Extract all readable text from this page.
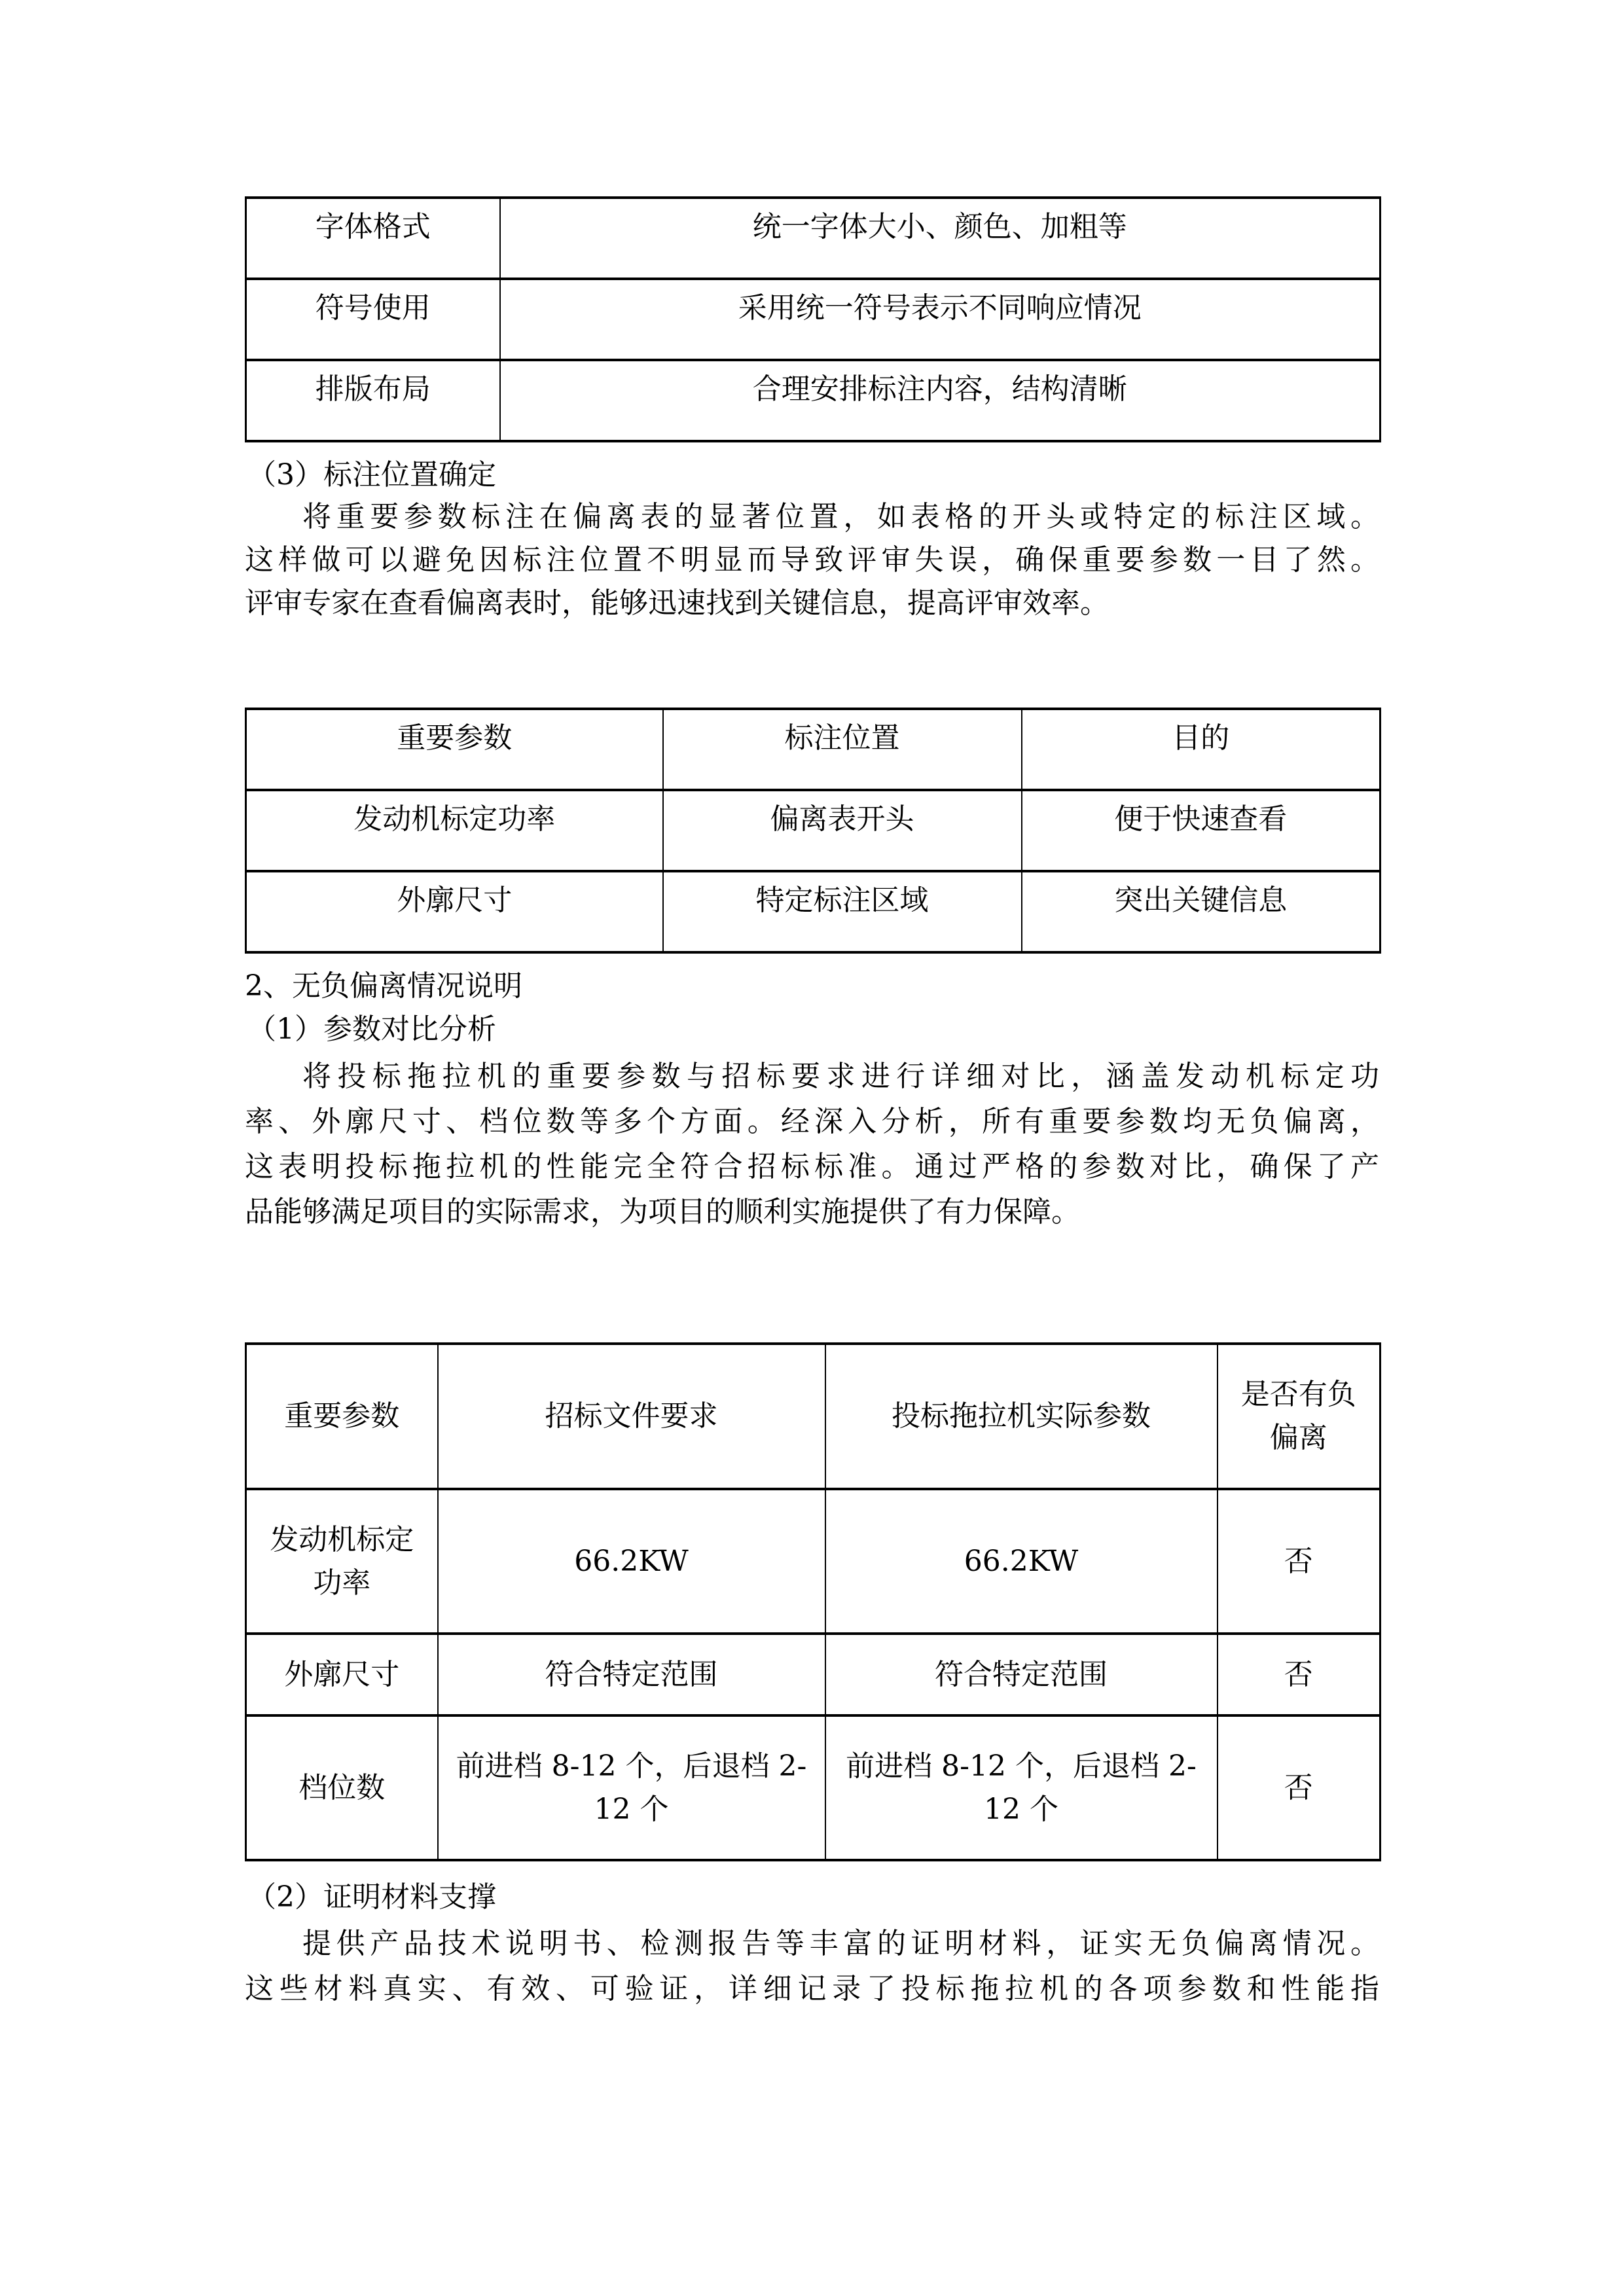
字体格式	统一字体大小、颜色、加粗等

符号使用	采用统一符号表示不同响应情况

排版布局	合理安排标注内容，结构清晰
（3）标注位置确定
将重要参数标注在偏离表的显著位置，如表格的开头或特定的标注区域。
这样做可以避免因标注位置不明显而导致评审失误，确保重要参数一目了然。
评审专家在查看偏离表时，能够迅速找到关键信息，提高评审效率。
重要参数	标注位置	目的

发动机标定功率	偏离表开头	便于快速查看

外廓尺寸	特定标注区域	突出关键信息
2、无负偏离情况说明
（1）参数对比分析
将投标拖拉机的重要参数与招标要求进行详细对比，涵盖发动机标定功
率、外廓尺寸、档位数等多个方面。经深入分析，所有重要参数均无负偏离，
这表明投标拖拉机的性能完全符合招标标准。通过严格的参数对比，确保了产
品能够满足项目的实际需求，为项目的顺利实施提供了有力保障。
重要参数	招标文件要求	投标拖拉机实际参数	是否有负
偏离

发动机标定
功率	66.2KW	66.2KW	否

外廓尺寸	符合特定范围	符合特定范围	否

档位数	前进档 8-12 个，后退档 2-
12 个	前进档 8-12 个，后退档 2-
12 个	否
（2）证明材料支撑
提供产品技术说明书、检测报告等丰富的证明材料，证实无负偏离情况。
这些材料真实、有效、可验证，详细记录了投标拖拉机的各项参数和性能指
